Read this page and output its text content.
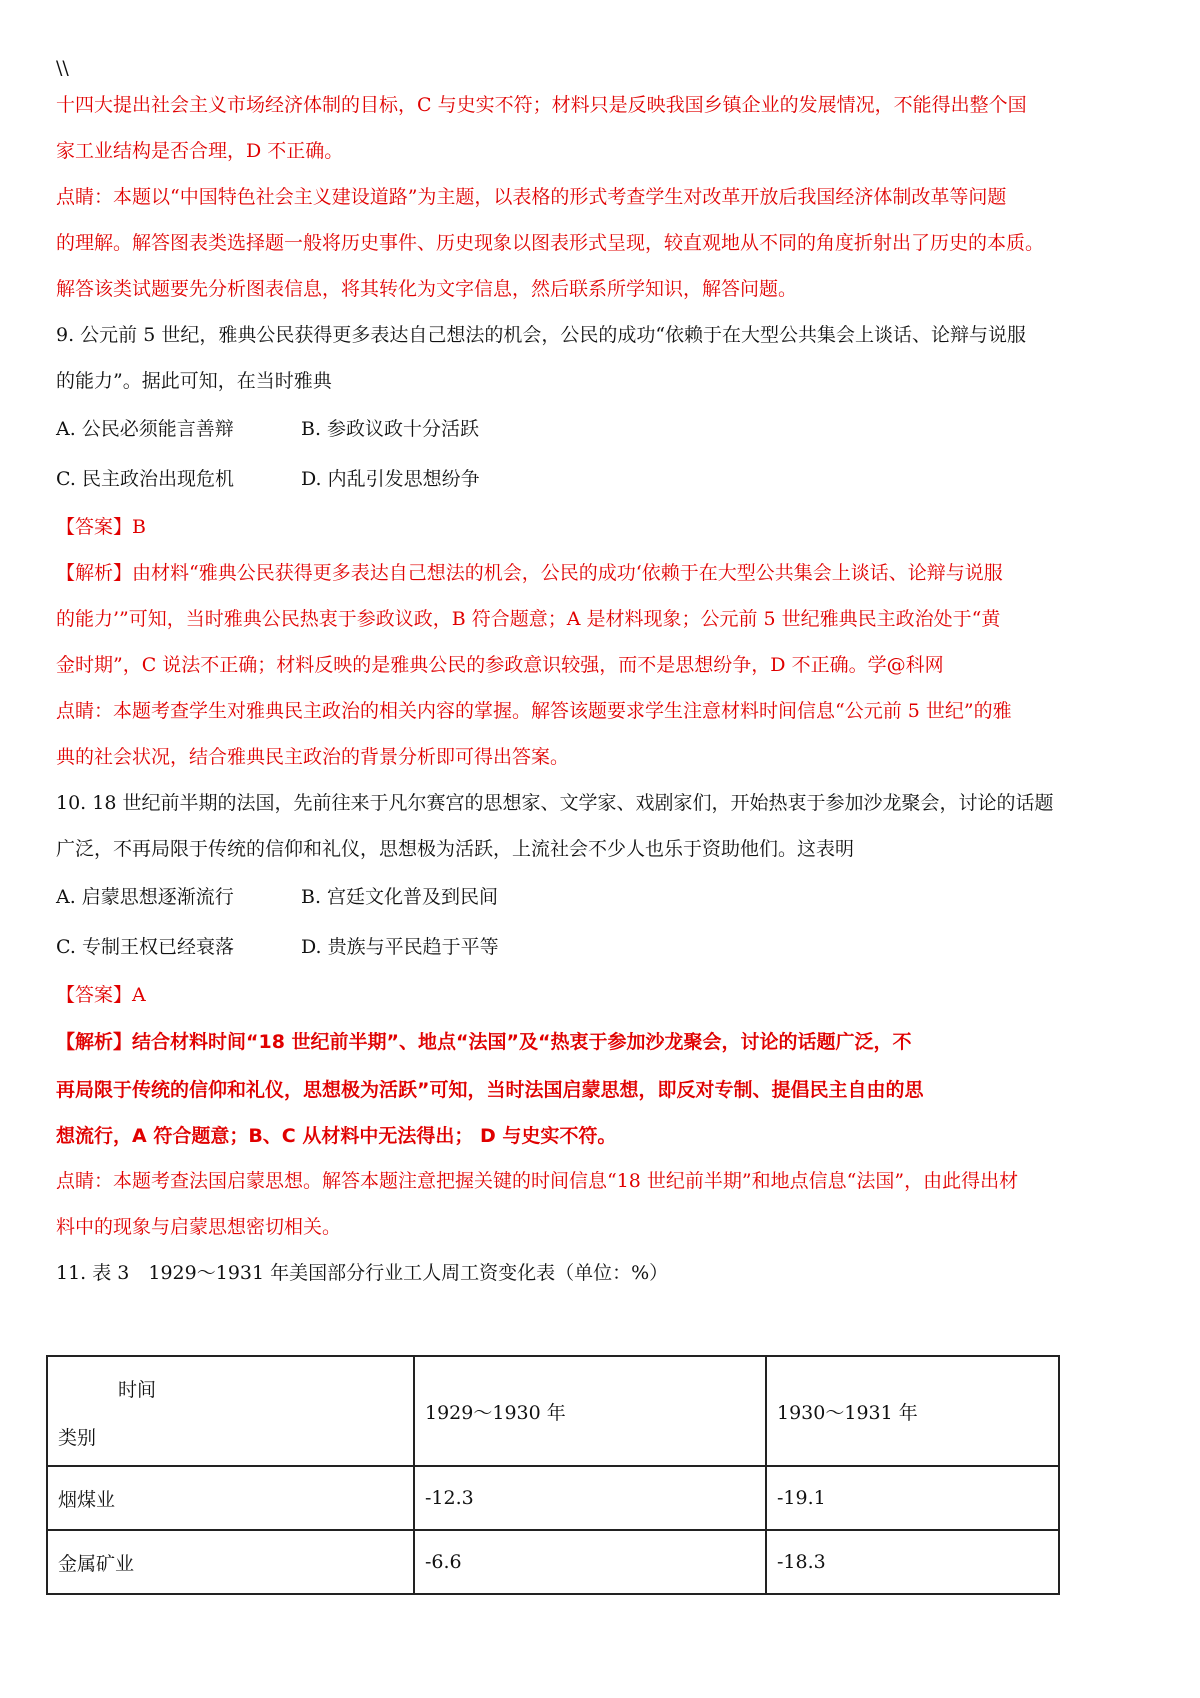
\\
十四大提出社会主义市场经济体制的目标，C 与史实不符；材料只是反映我国乡镇企业的发展情况，不能得出整个国
家工业结构是否合理，D 不正确。
点睛：本题以“中国特色社会主义建设道路”为主题，以表格的形式考查学生对改革开放后我国经济体制改革等问题
的理解。解答图表类选择题一般将历史事件、历史现象以图表形式呈现，较直观地从不同的角度折射出了历史的本质。
解答该类试题要先分析图表信息，将其转化为文字信息，然后联系所学知识，解答问题。
9. 公元前 5 世纪，雅典公民获得更多表达自己想法的机会，公民的成功“依赖于在大型公共集会上谈话、论辩与说服
的能力”。据此可知，在当时雅典
A. 公民必须能言善辩	B. 参政议政十分活跃
C. 民主政治出现危机	D. 内乱引发思想纷争
【答案】B
【解析】由材料“雅典公民获得更多表达自己想法的机会，公民的成功‘依赖于在大型公共集会上谈话、论辩与说服
的能力’”可知，当时雅典公民热衷于参政议政，B 符合题意；A 是材料现象；公元前 5 世纪雅典民主政治处于“黄
金时期”，C 说法不正确；材料反映的是雅典公民的参政意识较强，而不是思想纷争，D 不正确。学@科网
点睛：本题考查学生对雅典民主政治的相关内容的掌握。解答该题要求学生注意材料时间信息“公元前 5 世纪”的雅
典的社会状况，结合雅典民主政治的背景分析即可得出答案。
10. 18 世纪前半期的法国，先前往来于凡尔赛宫的思想家、文学家、戏剧家们，开始热衷于参加沙龙聚会，讨论的话题
广泛，不再局限于传统的信仰和礼仪，思想极为活跃，上流社会不少人也乐于资助他们。这表明
A. 启蒙思想逐渐流行	B. 宫廷文化普及到民间
C. 专制王权已经衰落	D. 贵族与平民趋于平等
【答案】A
【解析】结合材料时间“18 世纪前半期”、地点“法国”及“热衷于参加沙龙聚会，讨论的话题广泛，不
再局限于传统的信仰和礼仪，思想极为活跃”可知，当时法国启蒙思想，即反对专制、提倡民主自由的思
想流行，A 符合题意；B、C 从材料中无法得出； D 与史实不符。
点睛：本题考查法国启蒙思想。解答本题注意把握关键的时间信息“18 世纪前半期”和地点信息“法国”，由此得出材
料中的现象与启蒙思想密切相关。
11. 表 3　1929～1931 年美国部分行业工人周工资变化表（单位：%）
时间
类别	1929～1930 年	1930～1931 年
烟煤业	-12.3	-19.1
金属矿业	-6.6	-18.3
